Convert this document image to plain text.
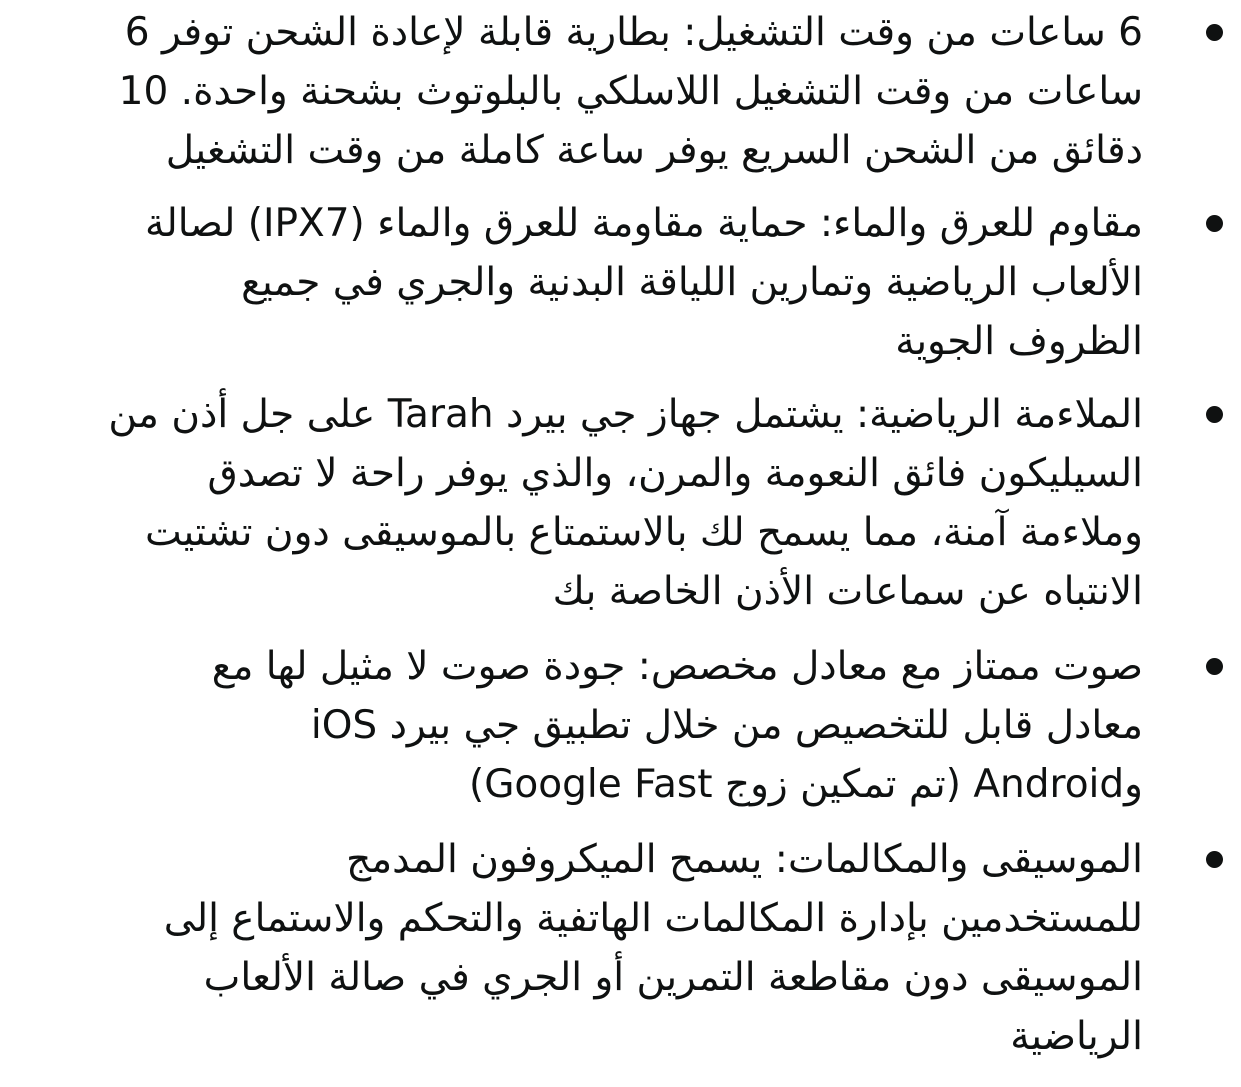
6 ساعات من وقت التشغيل: بطارية قابلة لإعادة الشحن توفر 6
ساعات من وقت التشغيل اللاسلكي بالبلوتوث بشحنة واحدة. 10
دقائق من الشحن السريع يوفر ساعة كاملة من وقت التشغيل
مقاوم للعرق والماء: حماية مقاومة للعرق والماء (IPX7) لصالة
الألعاب الرياضية وتمارين اللياقة البدنية والجري في جميع
الظروف الجوية
الملاءمة الرياضية: يشتمل جهاز جي بيرد Tarah على جل أذن من
السيليكون فائق النعومة والمرن، والذي يوفر راحة لا تصدق
وملاءمة آمنة، مما يسمح لك بالاستمتاع بالموسيقى دون تشتيت
الانتباه عن سماعات الأذن الخاصة بك
صوت ممتاز مع معادل مخصص: جودة صوت لا مثيل لها مع
معادل قابل للتخصيص من خلال تطبيق جي بيرد iOS
وAndroid (تم تمكين زوج Google Fast)
الموسيقى والمكالمات: يسمح الميكروفون المدمج
للمستخدمين بإدارة المكالمات الهاتفية والتحكم والاستماع إلى
الموسيقى دون مقاطعة التمرين أو الجري في صالة الألعاب
الرياضية
